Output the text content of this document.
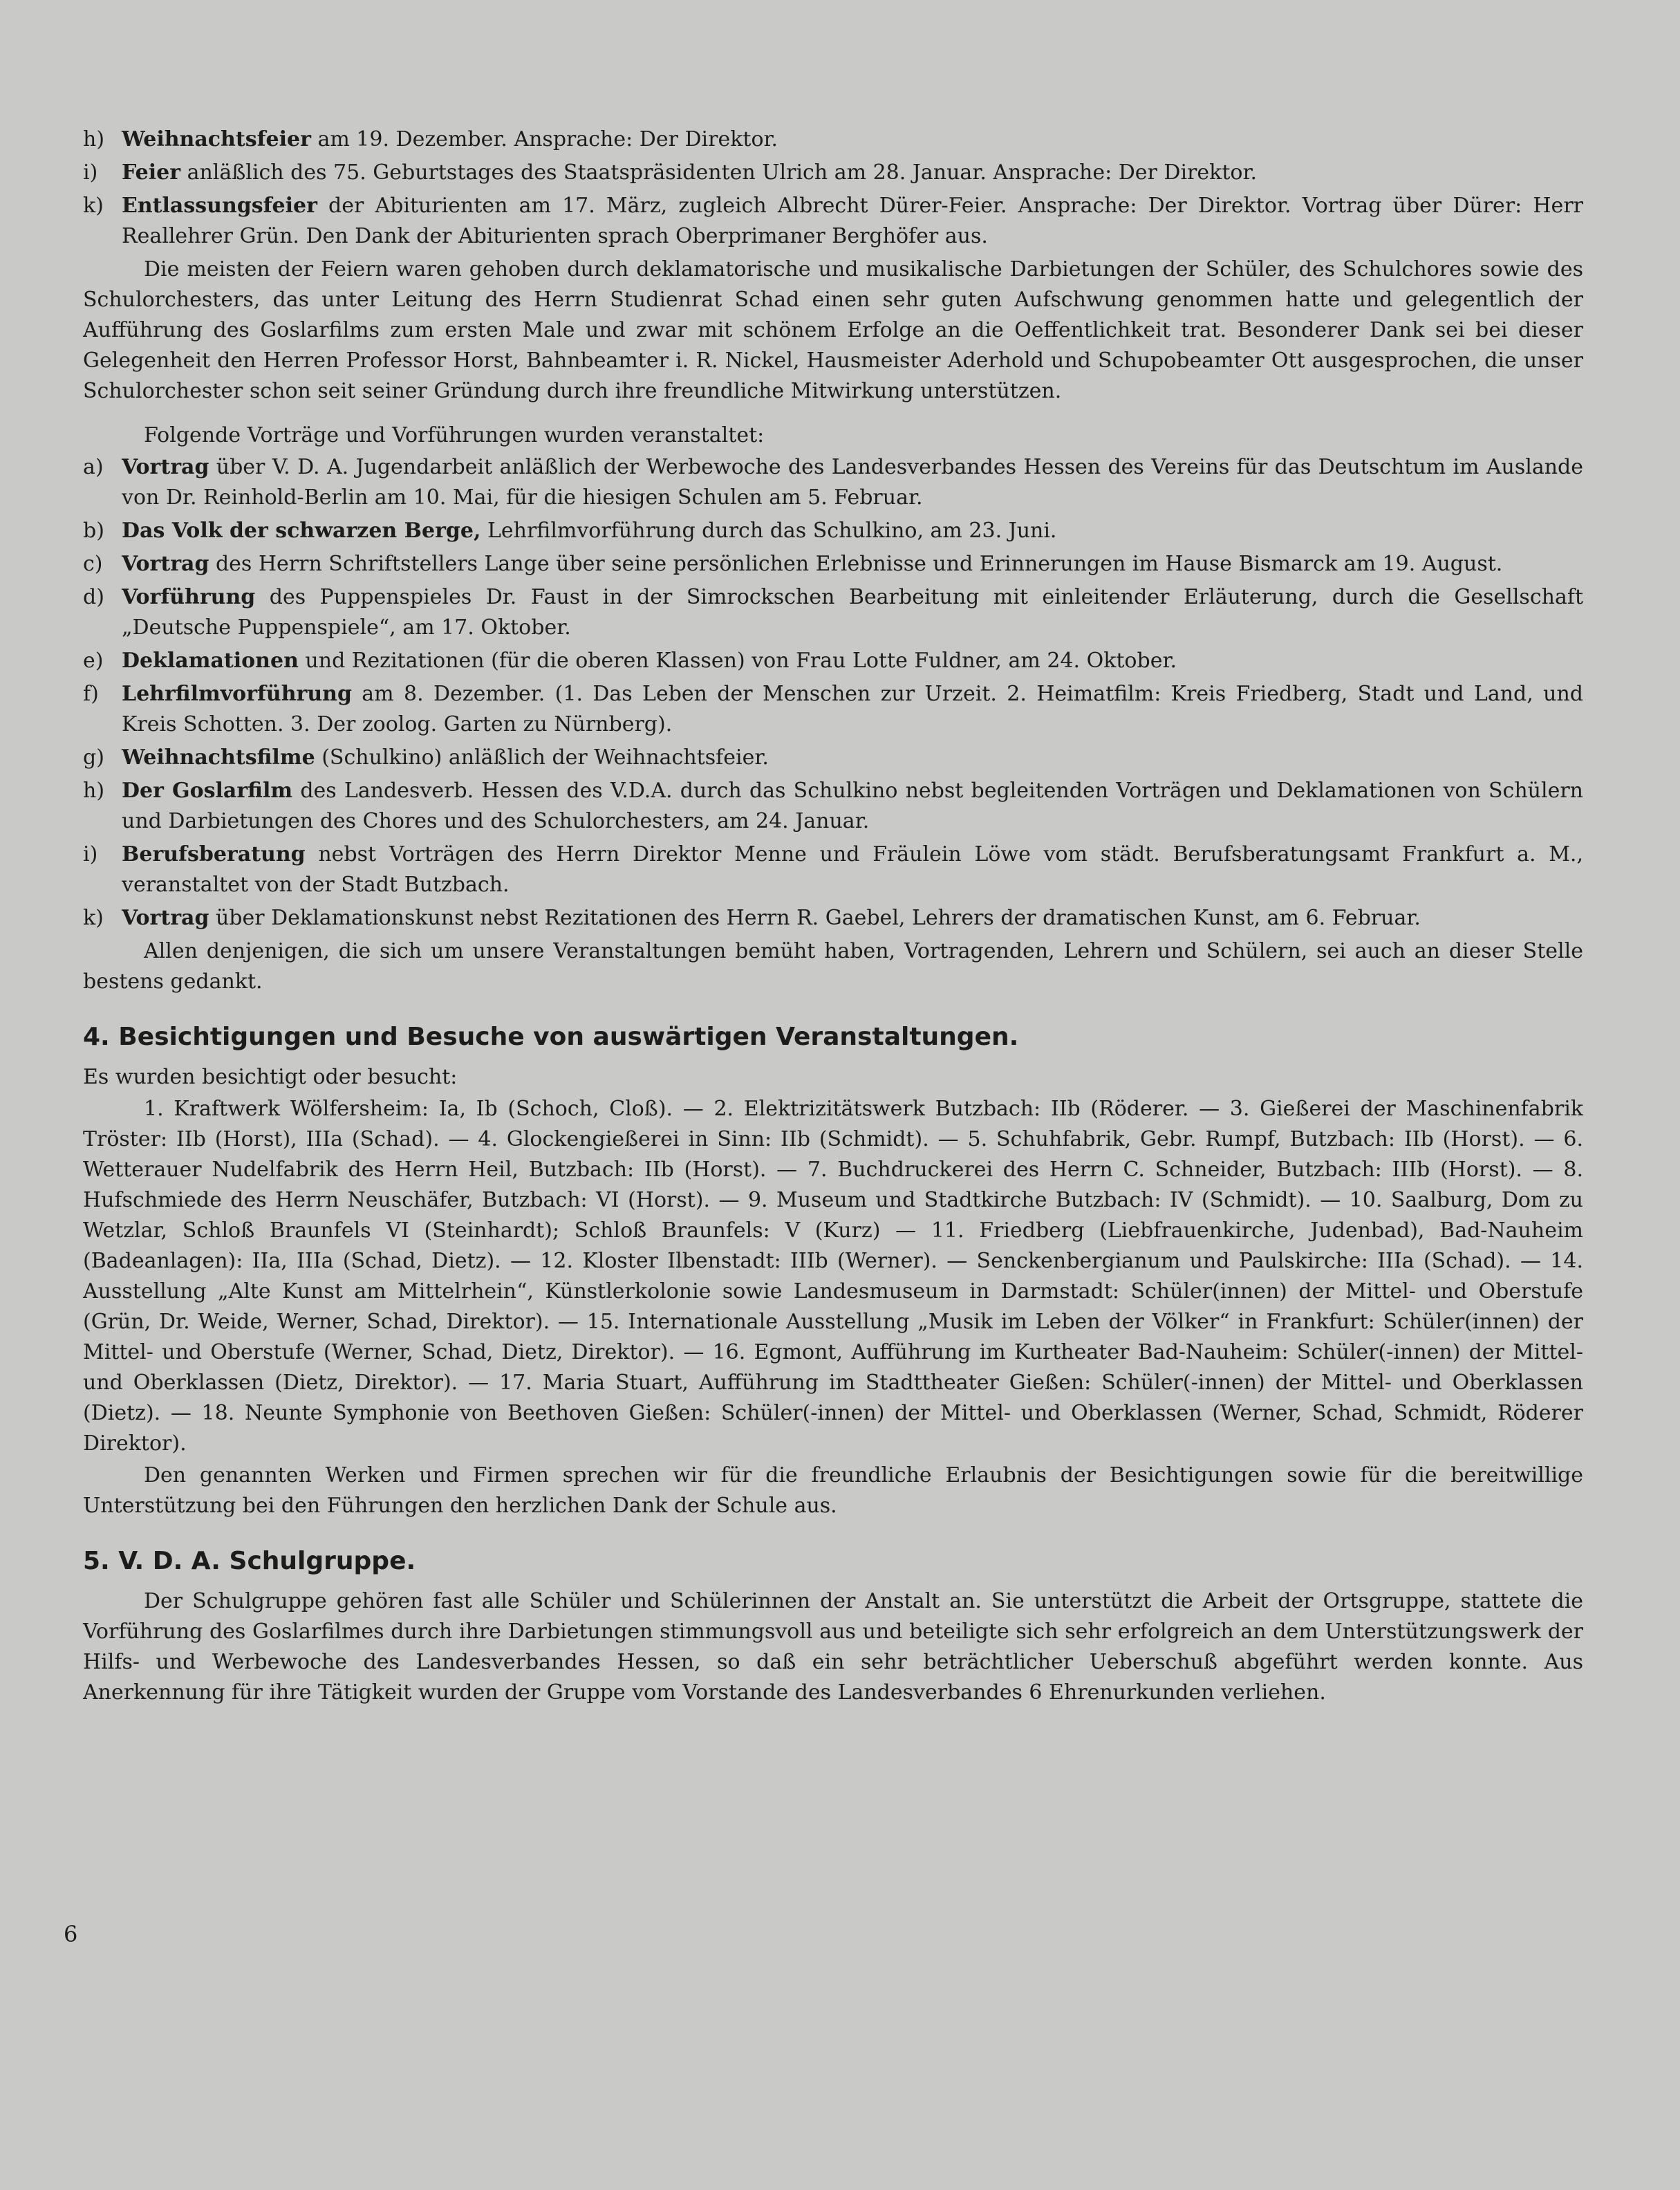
h) Weihnachtsfeier am 19. Dezember. Ansprache: Der Direktor.
i)	Feier anläßlich des 75. Geburtstages des Staatspräsidenten Ulrich am 28. Januar. Ansprache: Der Direktor.
k) Entlassungsfeier der Abiturienten am 17. März, zugleich Albrecht Dürer-Feier. Ansprache: Der Direktor. Vortrag über Dürer: Herr Reallehrer Grün. Den Dank der Abiturienten sprach Oberprimaner Berghöfer aus.

Die meisten der Feiern waren gehoben durch deklamatorische und musikalische Darbietungen der Schüler, des Schulchores sowie des Schulorchesters, das unter Leitung des Herrn Studienrat Schad einen sehr guten Aufschwung genommen hatte und gelegentlich der Aufführung des Goslarfilms zum ersten Male und zwar mit schönem Erfolge an die Oeffentlichkeit trat. Besonderer Dank sei bei dieser Gelegenheit den Herren Professor Horst, Bahnbeamter i. R. Nickel, Hausmeister Aderhold und Schupobeamter Ott ausgesprochen, die unser Schulorchester schon seit seiner Gründung durch ihre freundliche Mitwirkung unterstützen.

Folgende Vorträge und Vorführungen wurden veranstaltet:

a) Vortrag über V. D. A. Jugendarbeit anläßlich der Werbewoche des Landesverbandes Hessen des Vereins für das Deutschtum im Auslande von Dr. Reinhold-Berlin am 10. Mai, für die hiesigen Schulen am 5. Februar.
b) Das Volk der schwarzen Berge, Lehrfilmvorführung durch das Schulkino, am 23. Juni.
c) Vortrag des Herrn Schriftstellers Lange über seine persönlichen Erlebnisse und Erinnerungen im Hause Bismarck am 19. August.
d) Vorführung des Puppenspieles Dr. Faust in der Simrockschen Bearbeitung mit einleitender Erläuterung, durch die Gesellschaft „Deutsche Puppenspiele“, am 17. Oktober.
e) Deklamationen und Rezitationen (für die oberen Klassen) von Frau Lotte Fuldner, am 24. Oktober.
f)	Lehrfilmvorführung am 8. Dezember. (1. Das Leben der Menschen zur Urzeit. 2. Heimatfilm: Kreis Friedberg, Stadt und Land, und Kreis Schotten. 3. Der zoolog. Garten zu Nürnberg).
g) Weihnachtsfilme (Schulkino) anläßlich der Weihnachtsfeier.
h) Der Goslarfilm des Landesverb. Hessen des V.D.A. durch das Schulkino nebst begleitenden Vorträgen und Deklamationen von Schülern und Darbietungen des Chores und des Schulorchesters, am 24. Januar.
i)	Berufsberatung nebst Vorträgen des Herrn Direktor Menne und Fräulein Löwe vom städt. Berufsberatungsamt Frankfurt a. M., veranstaltet von der Stadt Butzbach.
k) Vortrag über Deklamationskunst nebst Rezitationen des Herrn R. Gaebel, Lehrers der dramatischen Kunst, am 6. Februar.

Allen denjenigen, die sich um unsere Veranstaltungen bemüht haben, Vortragenden, Lehrern und Schülern, sei auch an dieser Stelle bestens gedankt.

4. Besichtigungen und Besuche von auswärtigen Veranstaltungen.

Es wurden besichtigt oder besucht:

1. Kraftwerk Wölfersheim: Ia, Ib (Schoch, Cloß). — 2. Elektrizitätswerk Butzbach: IIb (Röderer. — 3. Gießerei der Maschinenfabrik Tröster: IIb (Horst), IIIa (Schad). — 4. Glockengießerei in Sinn: IIb (Schmidt). — 5. Schuhfabrik, Gebr. Rumpf, Butzbach: IIb (Horst). — 6. Wetterauer Nudelfabrik des Herrn Heil, Butzbach: IIb (Horst). — 7. Buchdruckerei des Herrn C. Schneider, Butzbach: IIIb (Horst). — 8. Hufschmiede des Herrn Neuschäfer, Butzbach: VI (Horst). — 9. Museum und Stadtkirche Butzbach: IV (Schmidt). — 10. Saalburg, Dom zu Wetzlar, Schloß Braunfels VI (Steinhardt); Schloß Braunfels: V (Kurz) — 11. Friedberg (Liebfrauenkirche, Judenbad), Bad-Nauheim (Badeanlagen): IIa, IIIa (Schad, Dietz). — 12. Kloster Ilbenstadt: IIIb (Werner). — Senckenbergianum und Paulskirche: IIIa (Schad). — 14. Ausstellung „Alte Kunst am Mittelrhein“, Künstlerkolonie sowie Landesmuseum in Darmstadt: Schüler(innen) der Mittel- und Oberstufe (Grün, Dr. Weide, Werner, Schad, Direktor). — 15. Internationale Ausstellung „Musik im Leben der Völker“ in Frankfurt: Schüler(innen) der Mittel- und Oberstufe (Werner, Schad, Dietz, Direktor). — 16. Egmont, Aufführung im Kurtheater Bad-Nauheim: Schüler(-innen) der Mittel- und Oberklassen (Dietz, Direktor). — 17. Maria Stuart, Aufführung im Stadttheater Gießen: Schüler(-innen) der Mittel- und Oberklassen (Dietz). — 18. Neunte Symphonie von Beethoven Gießen: Schüler(-innen) der Mittel- und Oberklassen (Werner, Schad, Schmidt, Röderer Direktor).

Den genannten Werken und Firmen sprechen wir für die freundliche Erlaubnis der Besichtigungen sowie für die bereitwillige Unterstützung bei den Führungen den herzlichen Dank der Schule aus.

5. V. D. A. Schulgruppe.

Der Schulgruppe gehören fast alle Schüler und Schülerinnen der Anstalt an. Sie unterstützt die Arbeit der Ortsgruppe, stattete die Vorführung des Goslarfilmes durch ihre Darbietungen stimmungsvoll aus und beteiligte sich sehr erfolgreich an dem Unterstützungswerk der Hilfs- und Werbewoche des Landesverbandes Hessen, so daß ein sehr beträchtlicher Ueberschuß abgeführt werden konnte. Aus Anerkennung für ihre Tätigkeit wurden der Gruppe vom Vorstande des Landesverbandes 6 Ehrenurkunden verliehen.

6
